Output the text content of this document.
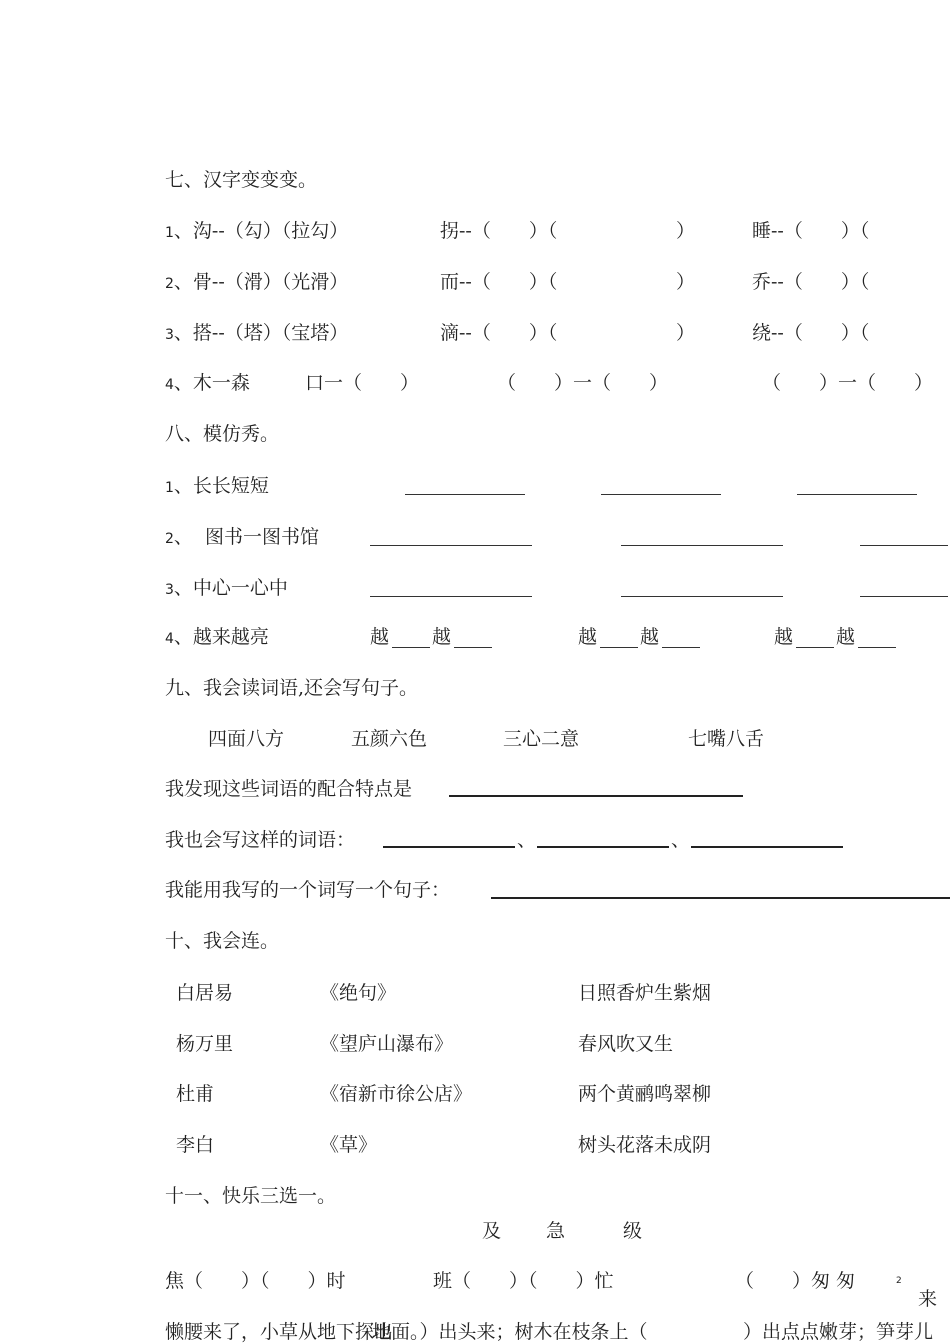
七、汉字变变变。
1、沟--（勾）（拉勾）	拐--（　　）（	）	睡--（　　）（
2、骨--（滑）（光滑）	而--（　　）（	）	乔--（　　）（
3、搭--（塔）（宝塔）	滴--（　　）（	）	绕--（　　）（
4、木一森	口一（　　）	（　　）一（　　）	（　　）一（　　）
八、模仿秀。
1、长长短短
2、  图书一图书馆
3、中心一心中
4、越来越亮	越 越	越 越	越 越
九、我会读词语,还会写句子。
四面八方	五颜六色	三心二意	七嘴八舌
我发现这些词语的配合特点是
我也会写这样的词语：	、	、
我能用我写的一个词写一个句子：
十、我会连。
白居易	《绝句》	日照香炉生紫烟
杨万里	《望庐山瀑布》	春风吹又生
杜甫	《宿新市徐公店》	两个黄鹂鸣翠柳
李白	《草》	树头花落未成阴
十一、快乐三选一。
及 急	级
焦（　　）（　　）时	班（　　）（　　）忙	（　　）匆 匆	2
来
懒腰来了，小草从地下探出
地面。）出头来；树木在枝条上（	）出点点嫩芽；笋芽儿
